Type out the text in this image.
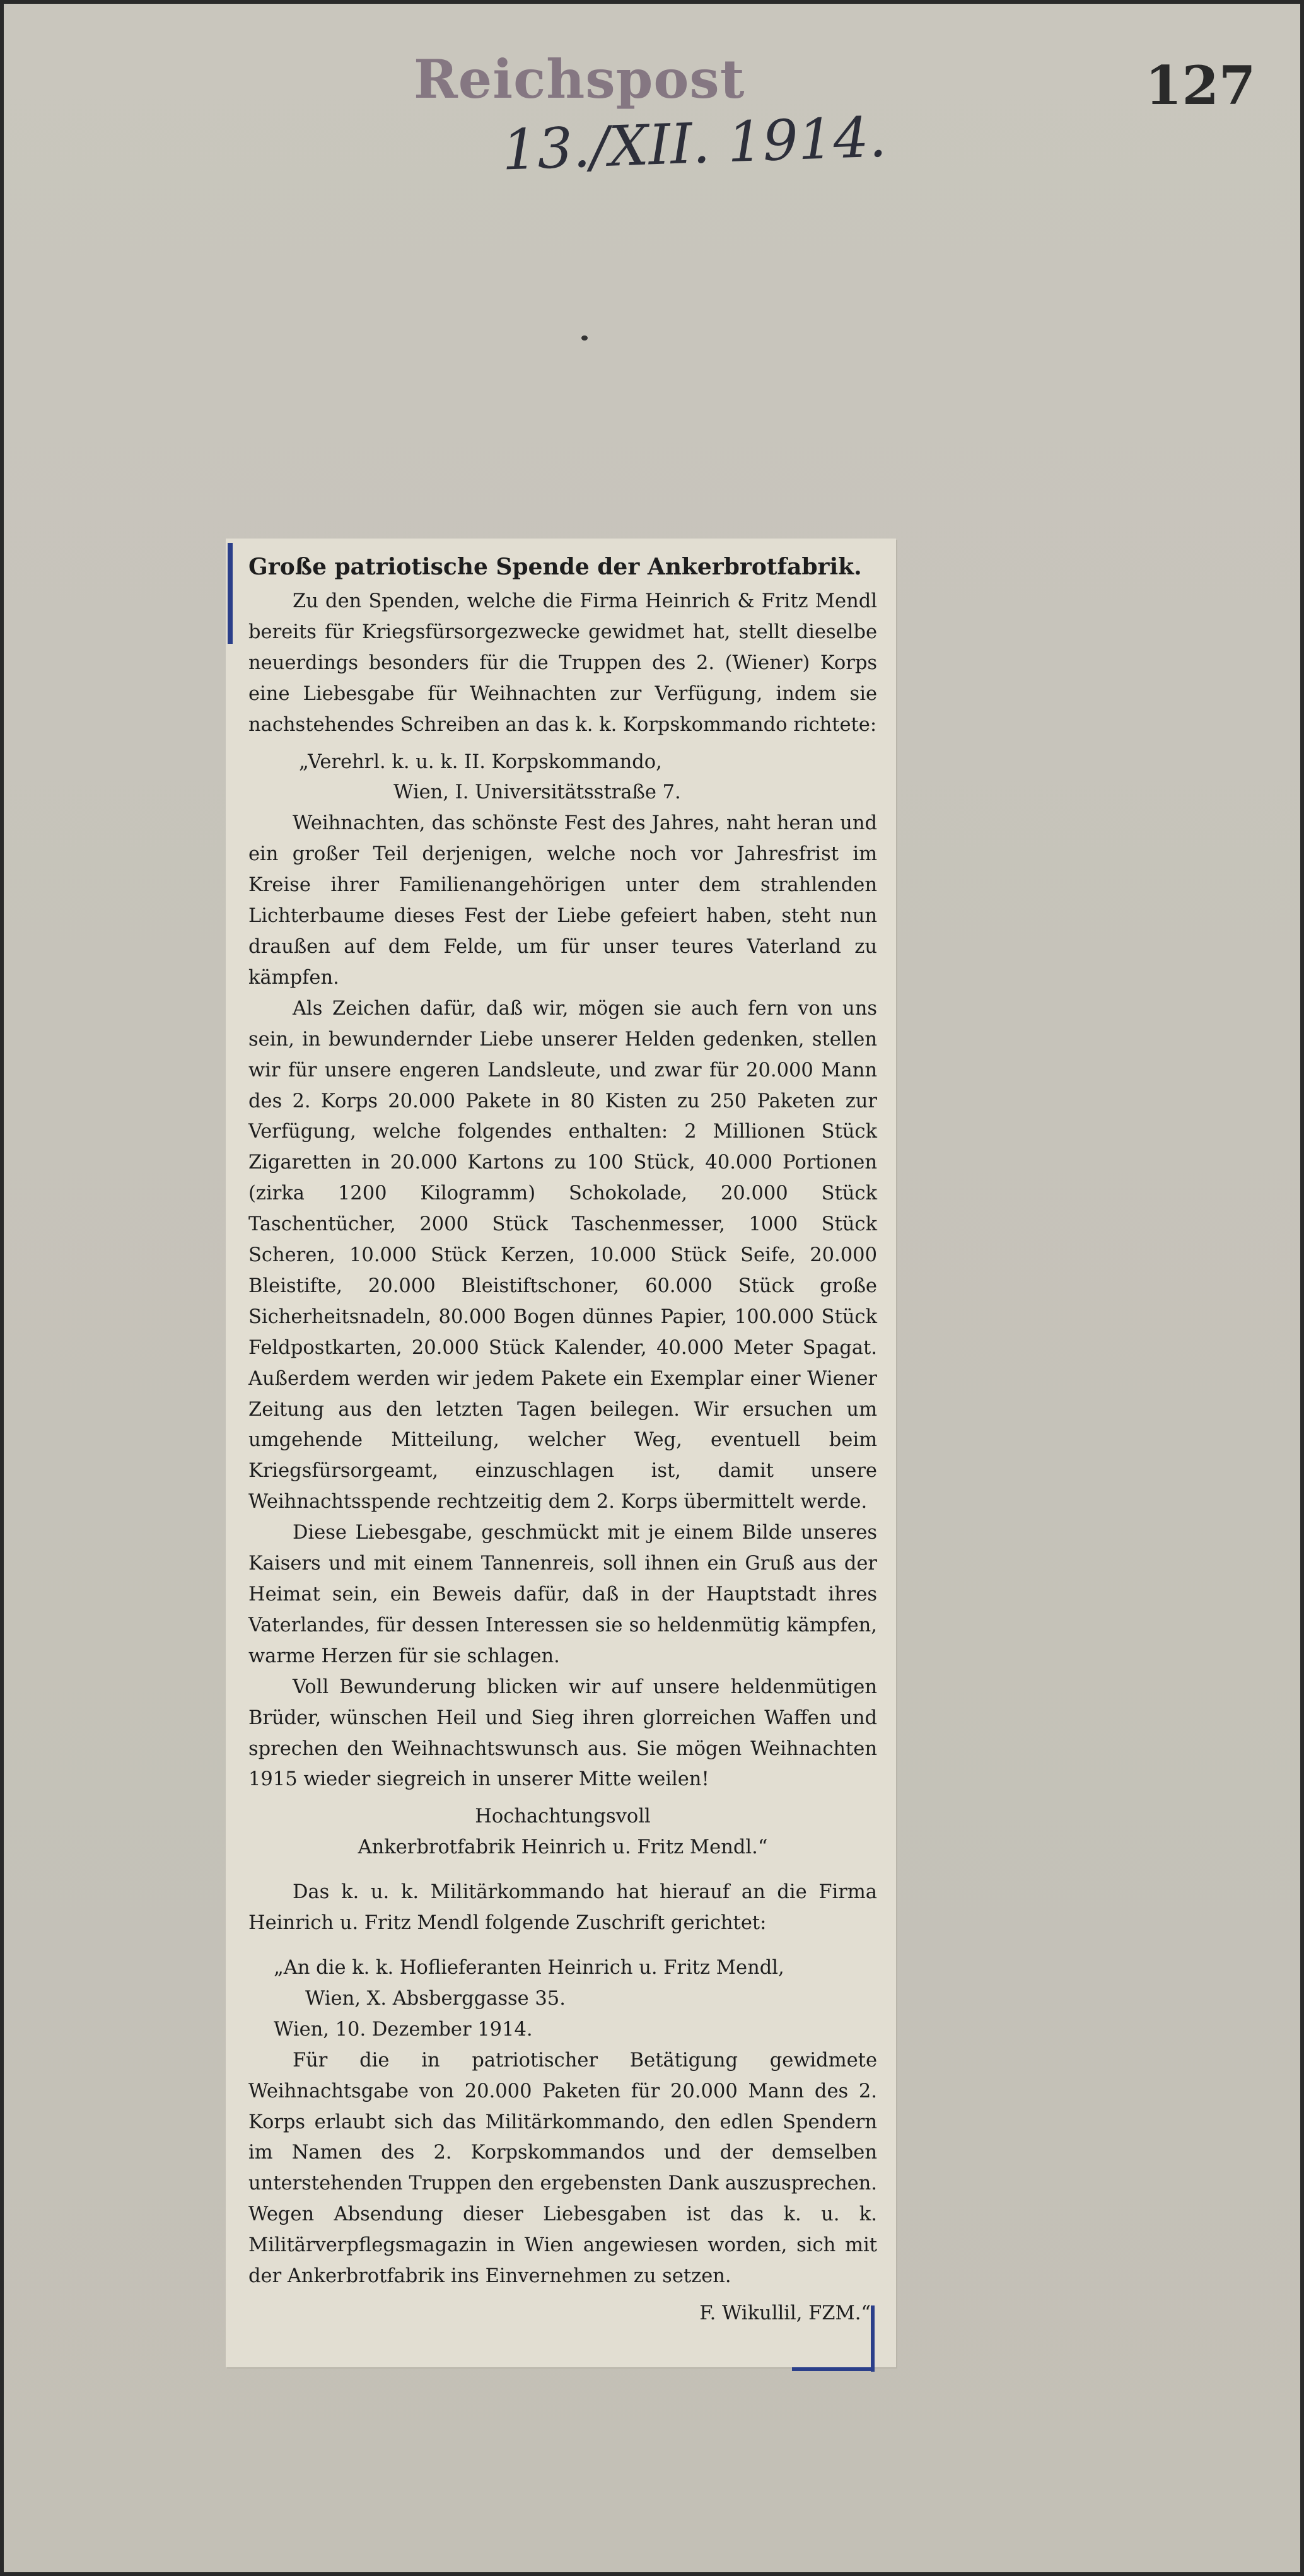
Reichspost
13./XII. 1914.
127
Große patriotische Spende der Ankerbrotfabrik.

Zu den Spenden, welche die Firma Heinrich & Fritz Mendl bereits für Kriegsfürsorgezwecke gewidmet hat, stellt dieselbe neuerdings besonders für die Truppen des 2. (Wiener) Korps eine Liebesgabe für Weihnachten zur Verfügung, indem sie nachstehendes Schreiben an das k. k. Korpskommando richtete:

„Verehrl. k. u. k. II. Korpskommando,

Wien, I. Universitätsstraße 7.

Weihnachten, das schönste Fest des Jahres, naht heran und ein großer Teil derjenigen, welche noch vor Jahresfrist im Kreise ihrer Familienangehörigen unter dem strahlenden Lichterbaume dieses Fest der Liebe gefeiert haben, steht nun draußen auf dem Felde, um für unser teures Vaterland zu kämpfen.

Als Zeichen dafür, daß wir, mögen sie auch fern von uns sein, in bewundernder Liebe unserer Helden gedenken, stellen wir für unsere engeren Landsleute, und zwar für 20.000 Mann des 2. Korps 20.000 Pakete in 80 Kisten zu 250 Paketen zur Verfügung, welche folgendes enthalten: 2 Millionen Stück Zigaretten in 20.000 Kartons zu 100 Stück, 40.000 Portionen (zirka 1200 Kilogramm) Schokolade, 20.000 Stück Taschentücher, 2000 Stück Taschenmesser, 1000 Stück Scheren, 10.000 Stück Kerzen, 10.000 Stück Seife, 20.000 Bleistifte, 20.000 Bleistiftschoner, 60.000 Stück große Sicherheitsnadeln, 80.000 Bogen dünnes Papier, 100.000 Stück Feldpostkarten, 20.000 Stück Kalender, 40.000 Meter Spagat. Außerdem werden wir jedem Pakete ein Exemplar einer Wiener Zeitung aus den letzten Tagen beilegen. Wir ersuchen um umgehende Mitteilung, welcher Weg, eventuell beim Kriegsfürsorgeamt, einzuschlagen ist, damit unsere Weihnachtsspende rechtzeitig dem 2. Korps übermittelt werde.

Diese Liebesgabe, geschmückt mit je einem Bilde unseres Kaisers und mit einem Tannenreis, soll ihnen ein Gruß aus der Heimat sein, ein Beweis dafür, daß in der Hauptstadt ihres Vaterlandes, für dessen Interessen sie so heldenmütig kämpfen, warme Herzen für sie schlagen.

Voll Bewunderung blicken wir auf unsere heldenmütigen Brüder, wünschen Heil und Sieg ihren glorreichen Waffen und sprechen den Weihnachtswunsch aus. Sie mögen Weihnachten 1915 wieder siegreich in unserer Mitte weilen!

Hochachtungsvoll

Ankerbrotfabrik Heinrich u. Fritz Mendl.“

Das k. u. k. Militärkommando hat hierauf an die Firma Heinrich u. Fritz Mendl folgende Zuschrift gerichtet:

„An die k. k. Hoflieferanten Heinrich u. Fritz Mendl,

Wien, X. Absberggasse 35.

Wien, 10. Dezember 1914.

Für die in patriotischer Betätigung gewidmete Weihnachtsgabe von 20.000 Paketen für 20.000 Mann des 2. Korps erlaubt sich das Militärkommando, den edlen Spendern im Namen des 2. Korpskommandos und der demselben unterstehenden Truppen den ergebensten Dank auszusprechen. Wegen Absendung dieser Liebesgaben ist das k. u. k. Militärverpflegsmagazin in Wien angewiesen worden, sich mit der Ankerbrotfabrik ins Einvernehmen zu setzen.

F. Wikullil, FZM.“
